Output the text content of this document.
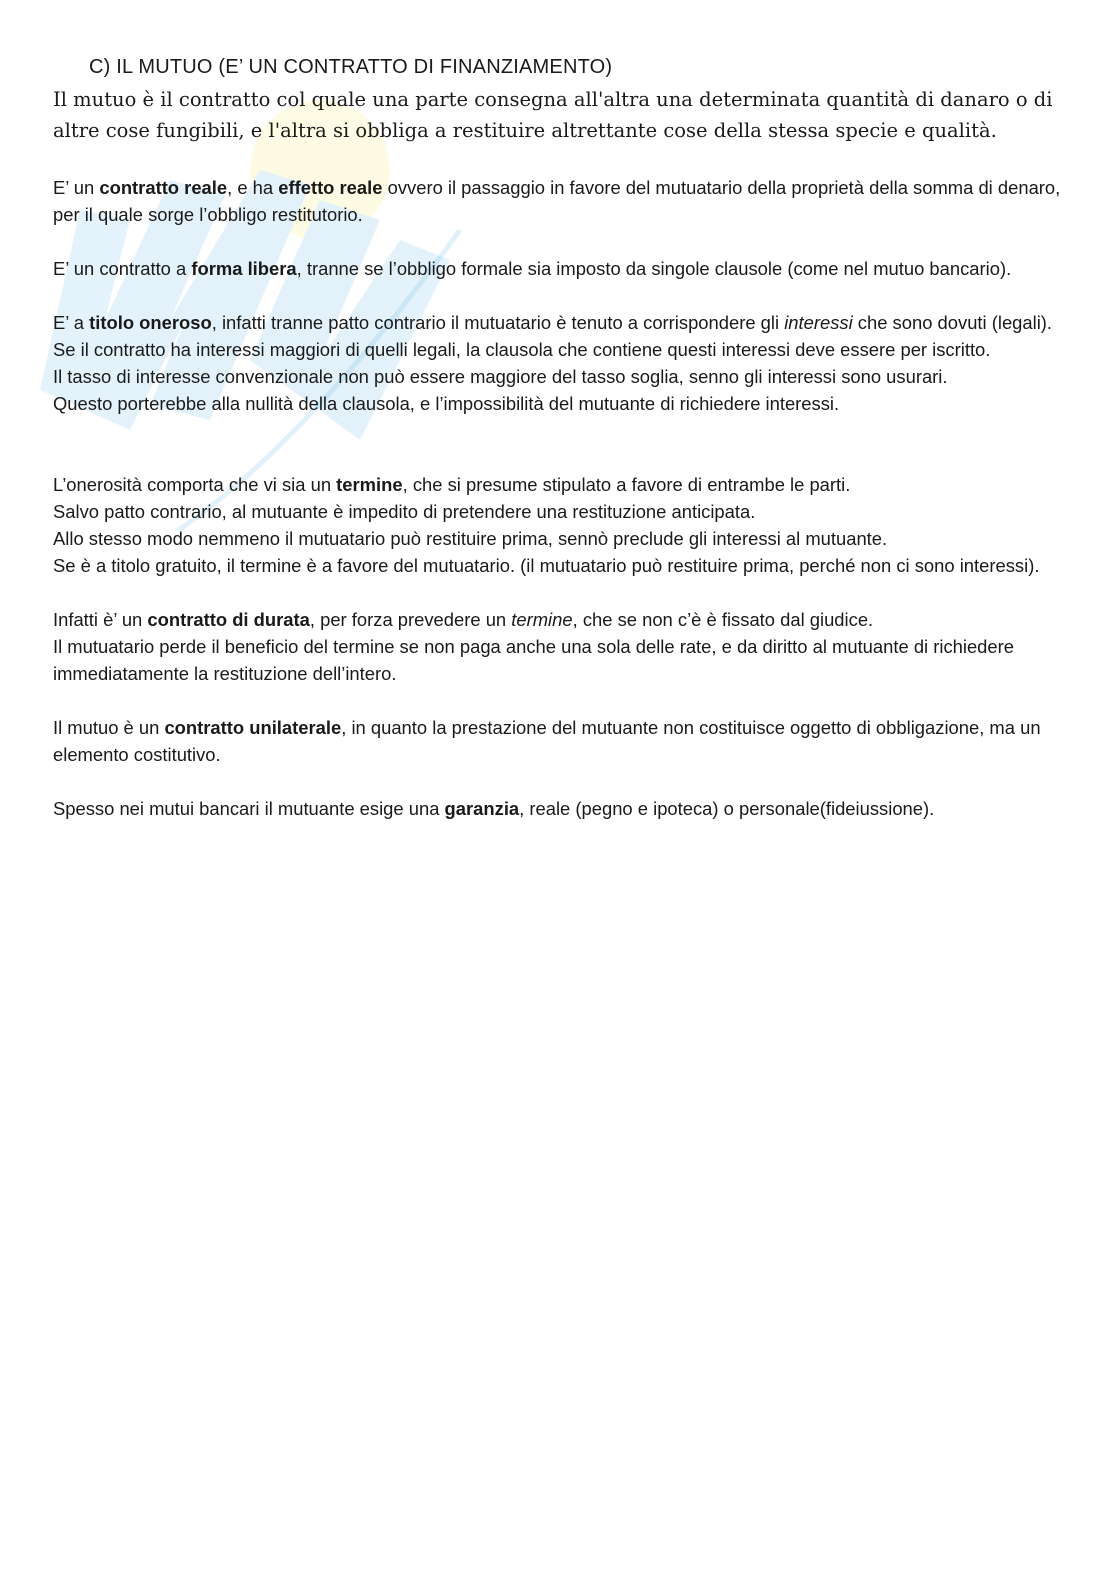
C) IL MUTUO (E’ UN CONTRATTO DI FINANZIAMENTO)
Il mutuo è il contratto col quale una parte consegna all'altra una determinata quantità di danaro o di altre cose fungibili, e l'altra si obbliga a restituire altrettante cose della stessa specie e qualità.
E’ un contratto reale, e ha effetto reale ovvero il passaggio in favore del mutuatario della proprietà della somma di denaro, per il quale sorge l’obbligo restitutorio.
E’ un contratto a forma libera, tranne se l’obbligo formale sia imposto da singole clausole (come nel mutuo bancario).
E’ a titolo oneroso, infatti tranne patto contrario il mutuatario è tenuto a corrispondere gli interessi che sono dovuti (legali).
Se il contratto ha interessi maggiori di quelli legali, la clausola che contiene questi interessi deve essere per iscritto.
Il tasso di interesse convenzionale non può essere maggiore del tasso soglia, senno gli interessi sono usurari.
Questo porterebbe alla nullità della clausola, e l’impossibilità del mutuante di richiedere interessi.
L’onerosità comporta che vi sia un termine, che si presume stipulato a favore di entrambe le parti.
Salvo patto contrario, al mutuante è impedito di pretendere una restituzione anticipata.
Allo stesso modo nemmeno il mutuatario può restituire prima, sennò preclude gli interessi al mutuante.
Se è a titolo gratuito, il termine è a favore del mutuatario. (il mutuatario può restituire prima, perché non ci sono interessi).
Infatti è’ un contratto di durata, per forza prevedere un termine, che se non c’è è fissato dal giudice.
Il mutuatario perde il beneficio del termine se non paga anche una sola delle rate, e da diritto al mutuante di richiedere immediatamente la restituzione dell’intero.
Il mutuo è un contratto unilaterale, in quanto la prestazione del mutuante non costituisce oggetto di obbligazione, ma un elemento costitutivo.
Spesso nei mutui bancari il mutuante esige una garanzia, reale (pegno e ipoteca) o personale(fideiussione).
